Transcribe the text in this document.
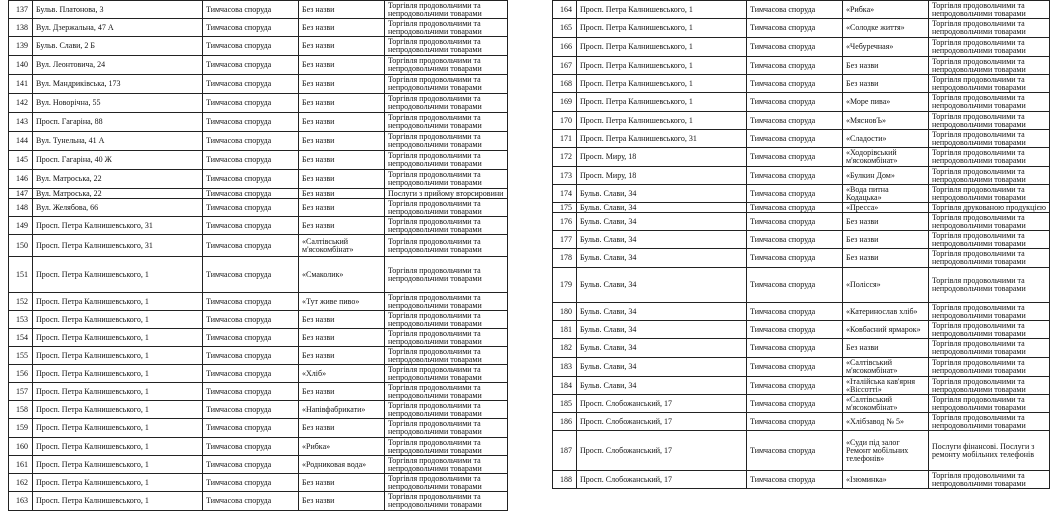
137	Бульв. Платонова, 3	Тимчасова споруда	Без назви	Торгівля продовольчими та непродовольчими товарами
138	Вул. Дзержальна, 47 А	Тимчасова споруда	Без назви	Торгівля продовольчими та непродовольчими товарами
139	Бульв. Слави, 2 Б	Тимчасова споруда	Без назви	Торгівля продовольчими та непродовольчими товарами
140	Вул. Леонтовича, 24	Тимчасова споруда	Без назви	Торгівля продовольчими та непродовольчими товарами
141	Вул. Мандриківська, 173	Тимчасова споруда	Без назви	Торгівля продовольчими та непродовольчими товарами
142	Вул. Новорічна, 55	Тимчасова споруда	Без назви	Торгівля продовольчими та непродовольчими товарами
143	Просп. Гагаріна, 88	Тимчасова споруда	Без назви	Торгівля продовольчими та непродовольчими товарами
144	Вул. Тунельна, 41 А	Тимчасова споруда	Без назви	Торгівля продовольчими та непродовольчими товарами
145	Просп. Гагаріна, 40 Ж	Тимчасова споруда	Без назви	Торгівля продовольчими та непродовольчими товарами
146	Вул. Матроська, 22	Тимчасова споруда	Без назви	Торгівля продовольчими та непродовольчими товарами
147	Вул. Матроська, 22	Тимчасова споруда	Без назви	Послуги з прийому вторсировини
148	Вул. Желябова, 66	Тимчасова споруда	Без назви	Торгівля продовольчими та непродовольчими товарами
149	Просп. Петра Калнишевського, 31	Тимчасова споруда	Без назви	Торгівля продовольчими та непродовольчими товарами
150	Просп. Петра Калнишевського, 31	Тимчасова споруда	«Салтівський м'ясокомбінат»	Торгівля продовольчими та непродовольчими товарами
151	Просп. Петра Калнишевського, 1	Тимчасова споруда	«Смаколик»	Торгівля продовольчими та непродовольчими товарами
152	Просп. Петра Калнишевського, 1	Тимчасова споруда	«Тут живе пиво»	Торгівля продовольчими та непродовольчими товарами
153	Просп. Петра Калнишевського, 1	Тимчасова споруда	Без назви	Торгівля продовольчими та непродовольчими товарами
154	Просп. Петра Калнишевського, 1	Тимчасова споруда	Без назви	Торгівля продовольчими та непродовольчими товарами
155	Просп. Петра Калнишевського, 1	Тимчасова споруда	Без назви	Торгівля продовольчими та непродовольчими товарами
156	Просп. Петра Калнишевського, 1	Тимчасова споруда	«Хліб»	Торгівля продовольчими та непродовольчими товарами
157	Просп. Петра Калнишевського, 1	Тимчасова споруда	Без назви	Торгівля продовольчими та непродовольчими товарами
158	Просп. Петра Калнишевського, 1	Тимчасова споруда	«Напівфабрикати»	Торгівля продовольчими та непродовольчими товарами
159	Просп. Петра Калнишевського, 1	Тимчасова споруда	Без назви	Торгівля продовольчими та непродовольчими товарами
160	Просп. Петра Калнишевського, 1	Тимчасова споруда	«Рибка»	Торгівля продовольчими та непродовольчими товарами
161	Просп. Петра Калнишевського, 1	Тимчасова споруда	«Родниковая вода»	Торгівля продовольчими та непродовольчими товарами
162	Просп. Петра Калнишевського, 1	Тимчасова споруда	Без назви	Торгівля продовольчими та непродовольчими товарами
163	Просп. Петра Калнишевського, 1	Тимчасова споруда	Без назви	Торгівля продовольчими та непродовольчими товарами
164	Просп. Петра Калнишевського, 1	Тимчасова споруда	«Рибка»	Торгівля продовольчими та непродовольчими товарами
165	Просп. Петра Калнишевського, 1	Тимчасова споруда	«Солодке життя»	Торгівля продовольчими та непродовольчими товарами
166	Просп. Петра Калнишевського, 1	Тимчасова споруда	«Чебуречная»	Торгівля продовольчими та непродовольчими товарами
167	Просп. Петра Калнишевського, 1	Тимчасова споруда	Без назви	Торгівля продовольчими та непродовольчими товарами
168	Просп. Петра Калнишевського, 1	Тимчасова споруда	Без назви	Торгівля продовольчими та непродовольчими товарами
169	Просп. Петра Калнишевського, 1	Тимчасова споруда	«Море пива»	Торгівля продовольчими та непродовольчими товарами
170	Просп. Петра Калнишевського, 1	Тимчасова споруда	«МясновЪ»	Торгівля продовольчими та непродовольчими товарами
171	Просп. Петра Калнишевського, 31	Тимчасова споруда	«Сладости»	Торгівля продовольчими та непродовольчими товарами
172	Просп. Миру, 18	Тимчасова споруда	«Ходорівський м'ясокомбінат»	Торгівля продовольчими та непродовольчими товарами
173	Просп. Миру, 18	Тимчасова споруда	«Булкин Дом»	Торгівля продовольчими та непродовольчими товарами
174	Бульв. Слави, 34	Тимчасова споруда	«Вода питна Кодацька»	Торгівля продовольчими та непродовольчими товарами
175	Бульв. Слави, 34	Тимчасова споруда	«Пресса»	Торгівля друкованою продукцією
176	Бульв. Слави, 34	Тимчасова споруда	Без назви	Торгівля продовольчими та непродовольчими товарами
177	Бульв. Слави, 34	Тимчасова споруда	Без назви	Торгівля продовольчими та непродовольчими товарами
178	Бульв. Слави, 34	Тимчасова споруда	Без назви	Торгівля продовольчими та непродовольчими товарами
179	Бульв. Слави, 34	Тимчасова споруда	«Полісся»	Торгівля продовольчими та непродовольчими товарами
180	Бульв. Слави, 34	Тимчасова споруда	«Катеринослав хліб»	Торгівля продовольчими та непродовольчими товарами
181	Бульв. Слави, 34	Тимчасова споруда	«Ковбасний ярмарок»	Торгівля продовольчими та непродовольчими товарами
182	Бульв. Слави, 34	Тимчасова споруда	Без назви	Торгівля продовольчими та непродовольчими товарами
183	Бульв. Слави, 34	Тимчасова споруда	«Салтівський м'ясокомбінат»	Торгівля продовольчими та непродовольчими товарами
184	Бульв. Слави, 34	Тимчасова споруда	«Італійська кав'ярня «Віссотті»	Торгівля продовольчими та непродовольчими товарами
185	Просп. Слобожанський, 17	Тимчасова споруда	«Салтівський м'ясокомбінат»	Торгівля продовольчими та непродовольчими товарами
186	Просп. Слобожанський, 17	Тимчасова споруда	«Хлібзавод № 5»	Торгівля продовольчими та непродовольчими товарами
187	Просп. Слобожанський, 17	Тимчасова споруда	«Суди під залог Ремонт мобільних телефонів»	Послуги фінансові. Послуги з ремонту мобільних телефонів
188	Просп. Слобожанський, 17	Тимчасова споруда	«Ізюминка»	Торгівля продовольчими та непродовольчими товарами
